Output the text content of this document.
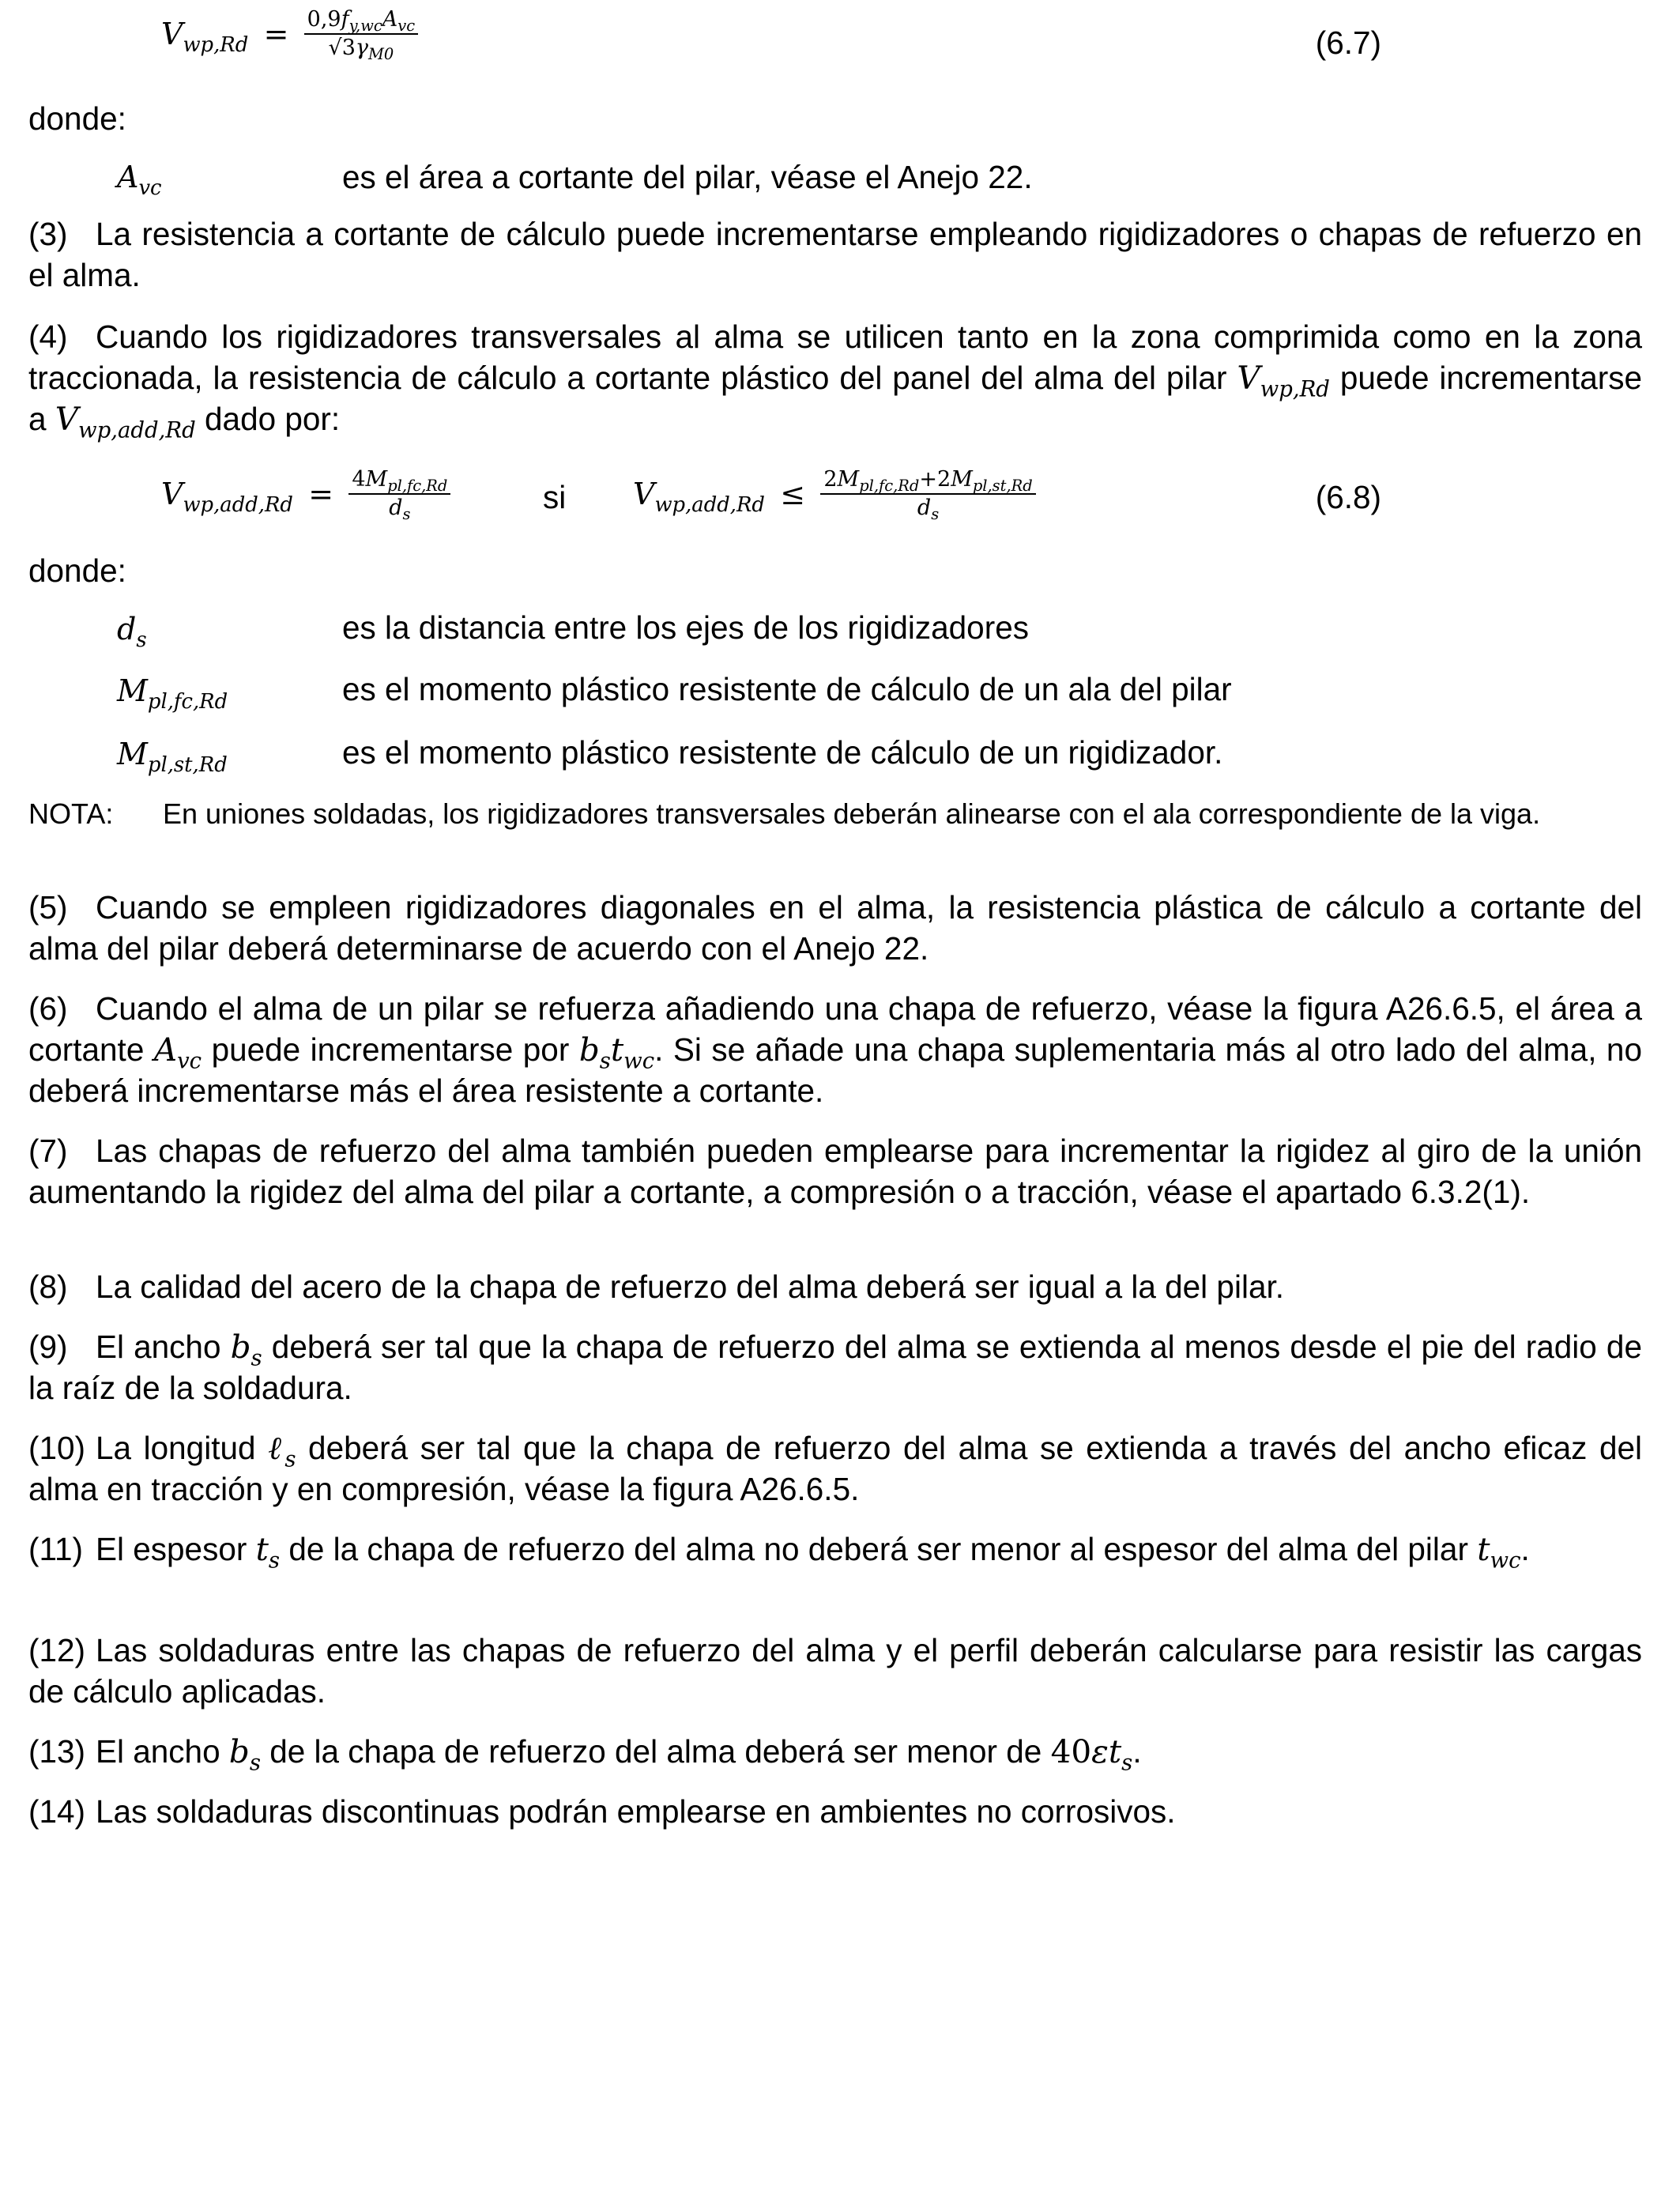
$V_{wp,Rd} = \frac{0,9f_{y,wc}A_{vc}}{√3\gamma_{M0}}$	(6.7)
donde:
$A_{vc}$	es el área a cortante del pilar, véase el Anejo 22.
(3) La resistencia a cortante de cálculo puede incrementarse empleando rigidizadores o chapas de refuerzo en el alma.
(4) Cuando los rigidizadores transversales al alma se utilicen tanto en la zona comprimida como en la zona traccionada, la resistencia de cálculo a cortante plástico del panel del alma del pilar $V_{wp,Rd}$ puede incrementarse a $V_{wp,add,Rd}$ dado por:
$V_{wp,add,Rd} = \frac{4M_{pl,fc,Rd}}{d_s}$	si $V_{wp,add,Rd} \le \frac{2M_{pl,fc,Rd}+2M_{pl,st,Rd}}{d_s}$	(6.8)
donde:
$d_s$	es la distancia entre los ejes de los rigidizadores
$M_{pl,fc,Rd}$	es el momento plástico resistente de cálculo de un ala del pilar
$M_{pl,st,Rd}$	es el momento plástico resistente de cálculo de un rigidizador.
NOTA: En uniones soldadas, los rigidizadores transversales deberán alinearse con el ala correspondiente de la viga.
(5) Cuando se empleen rigidizadores diagonales en el alma, la resistencia plástica de cálculo a cortante del alma del pilar deberá determinarse de acuerdo con el Anejo 22.
(6) Cuando el alma de un pilar se refuerza añadiendo una chapa de refuerzo, véase la figura A26.6.5, el área a cortante $A_{vc}$ puede incrementarse por $b_st_{wc}$. Si se añade una chapa suplementaria más al otro lado del alma, no deberá incrementarse más el área resistente a cortante.
(7) Las chapas de refuerzo del alma también pueden emplearse para incrementar la rigidez al giro de la unión aumentando la rigidez del alma del pilar a cortante, a compresión o a tracción, véase el apartado 6.3.2(1).
(8) La calidad del acero de la chapa de refuerzo del alma deberá ser igual a la del pilar.
(9) El ancho $b_s$ deberá ser tal que la chapa de refuerzo del alma se extienda al menos desde el pie del radio de la raíz de la soldadura.
(10) La longitud ℓ$_s$ deberá ser tal que la chapa de refuerzo del alma se extienda a través del ancho eficaz del alma en tracción y en compresión, véase la figura A26.6.5.
(11) El espesor $t_s$ de la chapa de refuerzo del alma no deberá ser menor al espesor del alma del pilar $t_{wc}$.
(12) Las soldaduras entre las chapas de refuerzo del alma y el perfil deberán calcularse para resistir las cargas de cálculo aplicadas.
(13) El ancho $b_s$ de la chapa de refuerzo del alma deberá ser menor de $40\varepsilon t_s$.
(14) Las soldaduras discontinuas podrán emplearse en ambientes no corrosivos.
